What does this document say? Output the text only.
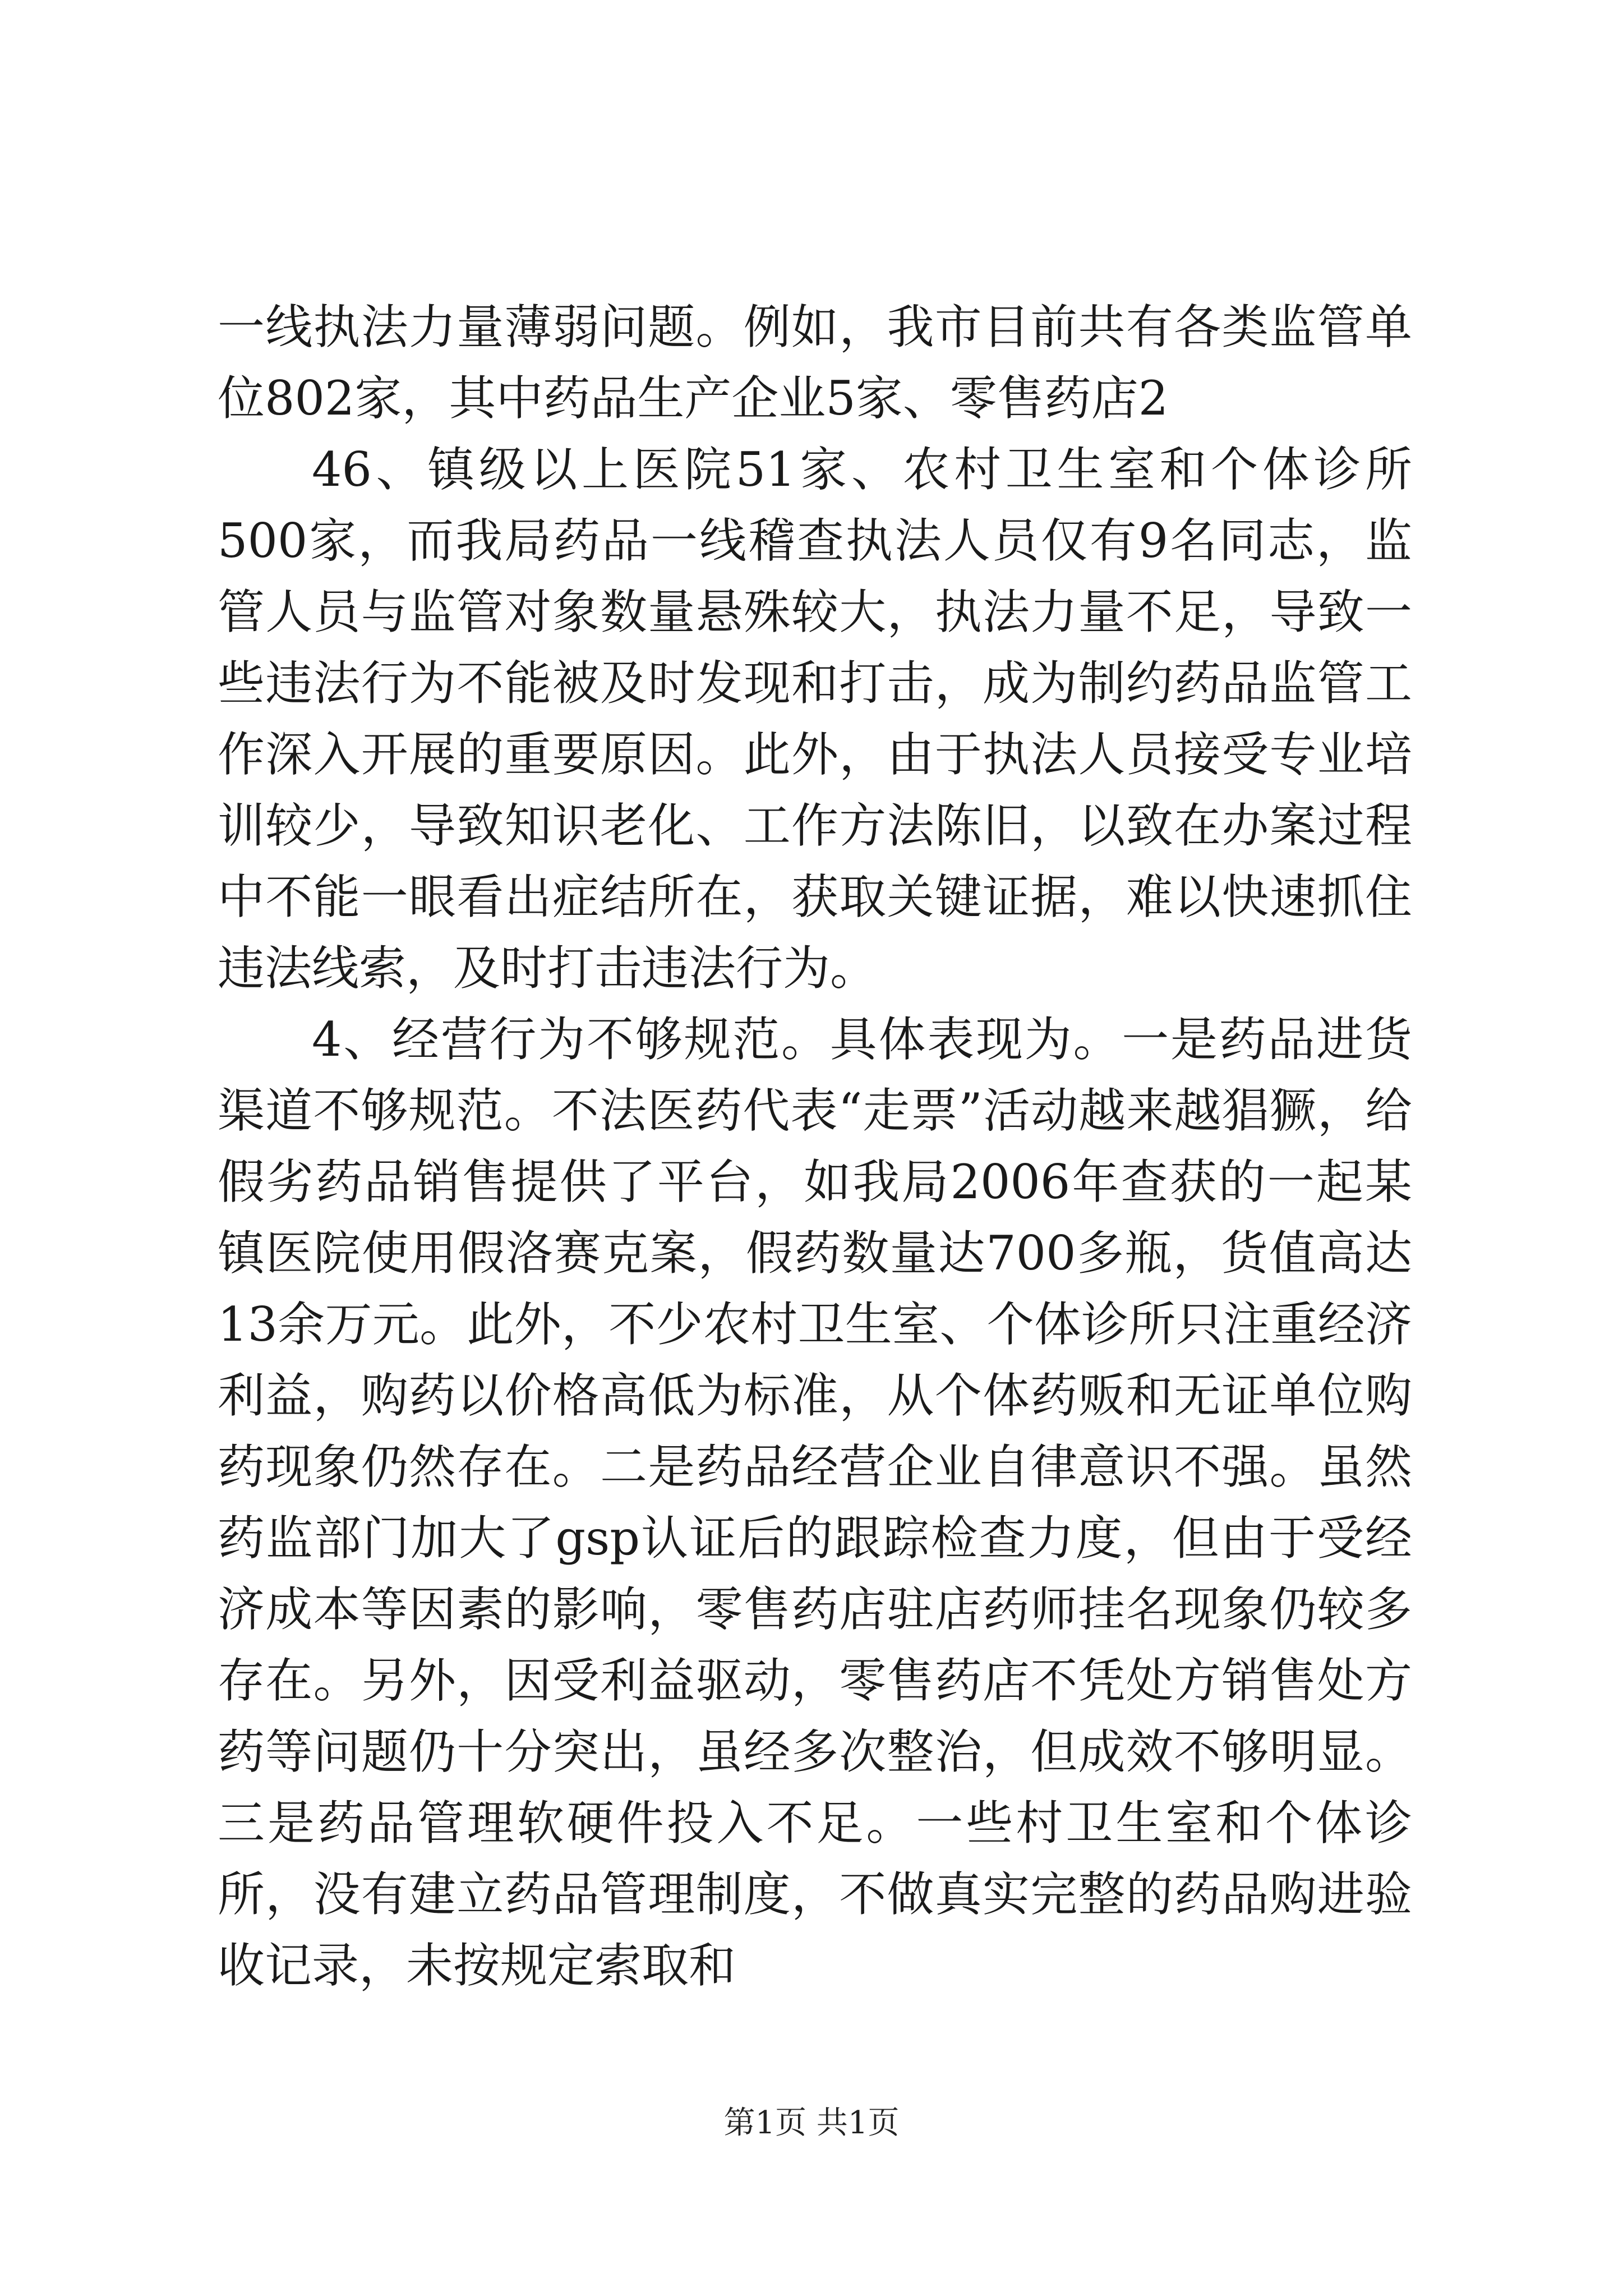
一线执法力量薄弱问题。例如，我市目前共有各类监管单位802家，其中药品生产企业5家、零售药店2

46、镇级以上医院51家、农村卫生室和个体诊所500家，而我局药品一线稽查执法人员仅有9名同志，监管人员与监管对象数量悬殊较大，执法力量不足，导致一些违法行为不能被及时发现和打击，成为制约药品监管工作深入开展的重要原因。此外，由于执法人员接受专业培训较少，导致知识老化、工作方法陈旧，以致在办案过程中不能一眼看出症结所在，获取关键证据，难以快速抓住违法线索，及时打击违法行为。

4、经营行为不够规范。具体表现为。一是药品进货渠道不够规范。不法医药代表“走票”活动越来越猖獗，给假劣药品销售提供了平台，如我局2006年查获的一起某镇医院使用假洛赛克案，假药数量达700多瓶，货值高达13余万元。此外，不少农村卫生室、个体诊所只注重经济利益，购药以价格高低为标准，从个体药贩和无证单位购药现象仍然存在。二是药品经营企业自律意识不强。虽然药监部门加大了gsp认证后的跟踪检查力度，但由于受经济成本等因素的影响，零售药店驻店药师挂名现象仍较多存在。另外，因受利益驱动，零售药店不凭处方销售处方药等问题仍十分突出，虽经多次整治，但成效不够明显。三是药品管理软硬件投入不足。一些村卫生室和个体诊所，没有建立药品管理制度，不做真实完整的药品购进验收记录，未按规定索取和

第1页 共1页
